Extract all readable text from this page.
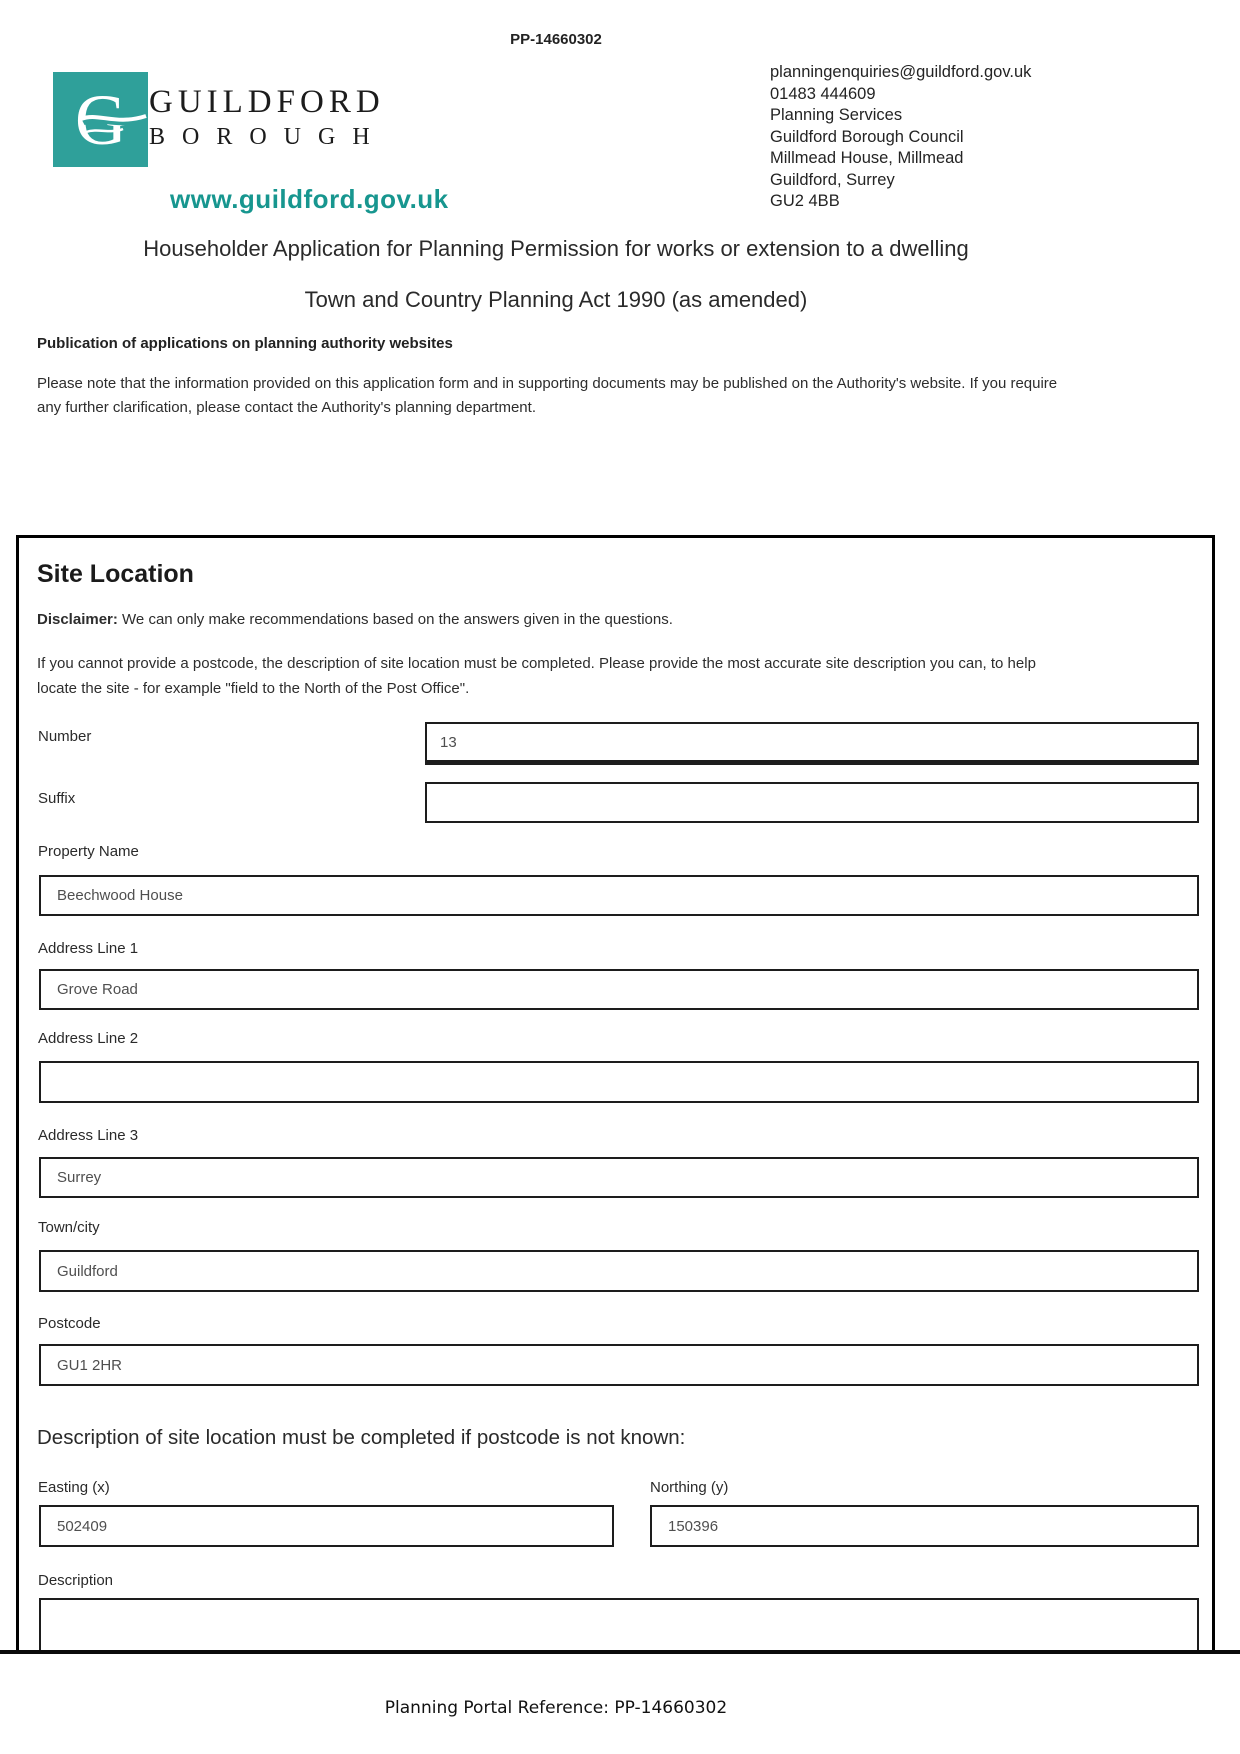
PP-14660302
G GUILDFORD
BOROUGH
www.guildford.gov.uk
planningenquiries@guildford.gov.uk
01483 444609
Planning Services
Guildford Borough Council
Millmead House, Millmead
Guildford, Surrey
GU2 4BB
Householder Application for Planning Permission for works or extension to a dwelling
Town and Country Planning Act 1990 (as amended)
Publication of applications on planning authority websites
Please note that the information provided on this application form and in supporting documents may be published on the Authority's website. If you require any further clarification, please contact the Authority's planning department.
Site Location
Disclaimer: We can only make recommendations based on the answers given in the questions.
If you cannot provide a postcode, the description of site location must be completed. Please provide the most accurate site description you can, to help locate the site - for example "field to the North of the Post Office".
Number
13
Suffix
Property Name
Beechwood House
Address Line 1
Grove Road
Address Line 2
Address Line 3
Surrey
Town/city
Guildford
Postcode
GU1 2HR
Description of site location must be completed if postcode is not known:
Easting (x)	Northing (y)
502409
150396
Description
Planning Portal Reference: PP-14660302
